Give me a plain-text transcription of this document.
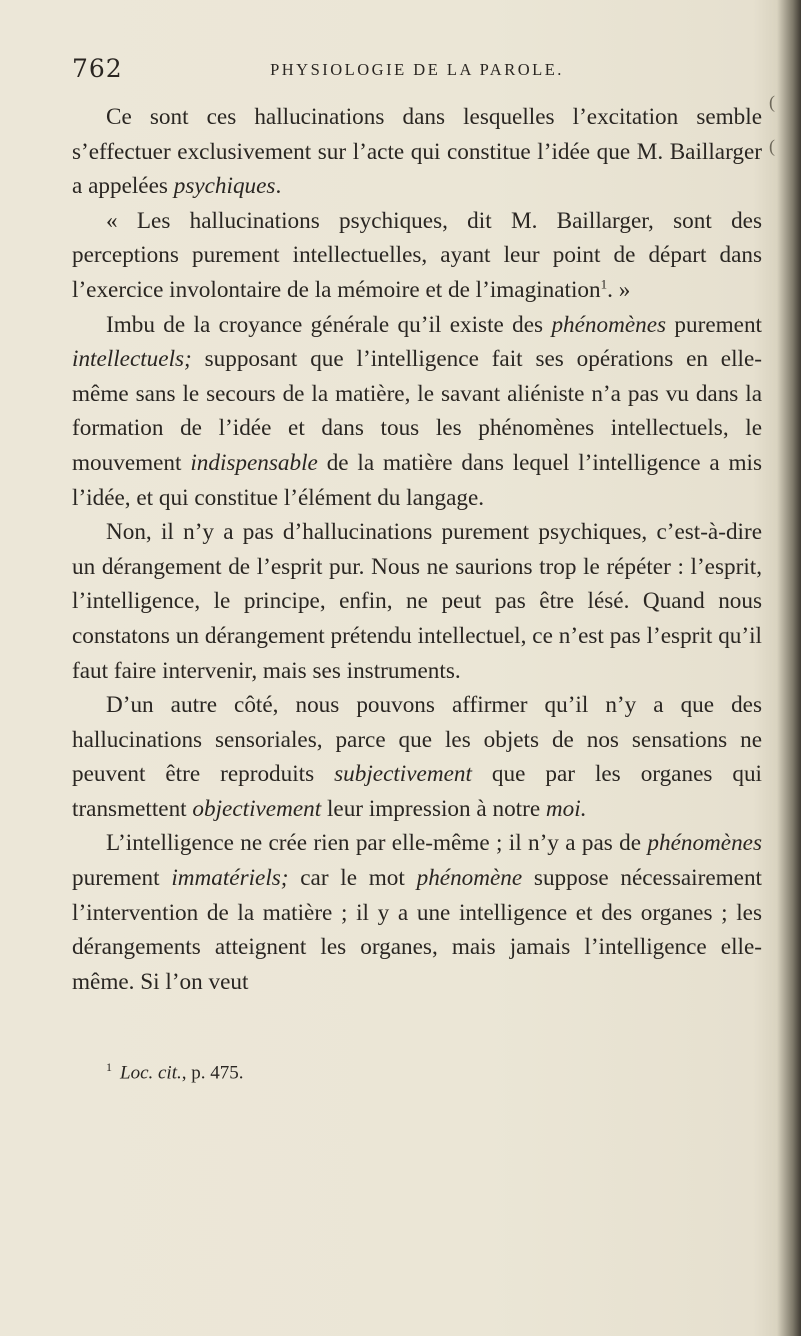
762	PHYSIOLOGIE DE LA PAROLE.

Ce sont ces hallucinations dans lesquelles l’excitation semble s’effectuer exclusivement sur l’acte qui constitue l’idée que M. Baillarger a appelées psychiques.

« Les hallucinations psychiques, dit M. Baillarger, sont des perceptions purement intellectuelles, ayant leur point de départ dans l’exercice involontaire de la mémoire et de l’imagination$^1$. »

Imbu de la croyance générale qu’il existe des phénomènes purement intellectuels; supposant que l’intelligence fait ses opérations en elle-même sans le secours de la matière, le savant aliéniste n’a pas vu dans la formation de l’idée et dans tous les phénomènes intellectuels, le mouvement indispensable de la matière dans lequel l’intelligence a mis l’idée, et qui constitue l’élément du langage.

Non, il n’y a pas d’hallucinations purement psychiques, c’est-à-dire un dérangement de l’esprit pur. Nous ne saurions trop le répéter : l’esprit, l’intelligence, le principe, enfin, ne peut pas être lésé. Quand nous constatons un dérangement prétendu intellectuel, ce n’est pas l’esprit qu’il faut faire intervenir, mais ses instruments.

D’un autre côté, nous pouvons affirmer qu’il n’y a que des hallucinations sensoriales, parce que les objets de nos sensations ne peuvent être reproduits subjectivement que par les organes qui transmettent objectivement leur impression à notre moi.

L’intelligence ne crée rien par elle-même ; il n’y a pas de phénomènes purement immatériels; car le mot phénomène suppose nécessairement l’intervention de la matière ; il y a une intelligence et des organes ; les dérangements atteignent les organes, mais jamais l’intelligence elle-même. Si l’on veut

$^1$ Loc. cit., p. 475.
(
(
